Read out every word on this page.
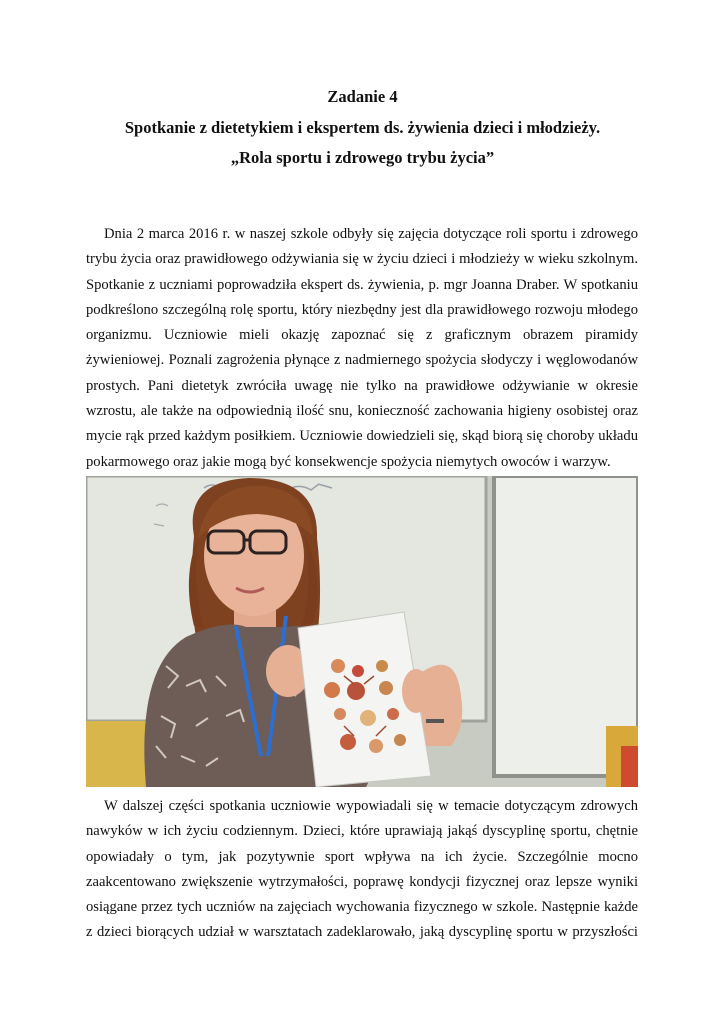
Zadanie 4
Spotkanie z dietetykiem i ekspertem ds. żywienia dzieci i młodzieży.
„Rola sportu i zdrowego trybu życia”
Dnia 2 marca 2016 r. w naszej szkole odbyły się zajęcia dotyczące roli sportu i zdrowego
trybu życia oraz prawidłowego odżywiania się w życiu dzieci i młodzieży w wieku szkolnym.
Spotkanie z uczniami poprowadziła ekspert ds. żywienia, p. mgr Joanna Draber. W spotkaniu
podkreślono szczególną rolę sportu, który niezbędny jest dla prawidłowego rozwoju młodego
organizmu. Uczniowie mieli okazję zapoznać się z graficznym obrazem piramidy
żywieniowej. Poznali zagrożenia płynące z nadmiernego spożycia słodyczy i węglowodanów
prostych. Pani dietetyk zwróciła uwagę nie tylko na prawidłowe odżywianie w okresie
wzrostu, ale także na odpowiednią ilość snu, konieczność zachowania higieny osobistej oraz
mycie rąk przed każdym posiłkiem. Uczniowie dowiedzieli się, skąd biorą się choroby układu
pokarmowego oraz jakie mogą być konsekwencje spożycia niemytych owoców i warzyw.
W dalszej części spotkania uczniowie wypowiadali się w temacie dotyczącym zdrowych
nawyków w ich życiu codziennym. Dzieci, które uprawiają jakąś dyscyplinę sportu, chętnie
opowiadały o tym, jak pozytywnie sport wpływa na ich życie. Szczególnie mocno
zaakcentowano zwiększenie wytrzymałości, poprawę kondycji fizycznej oraz lepsze wyniki
osiągane przez tych uczniów na zajęciach wychowania fizycznego w szkole. Następnie każde
z dzieci biorących udział w warsztatach zadeklarowało, jaką dyscyplinę sportu w przyszłości
